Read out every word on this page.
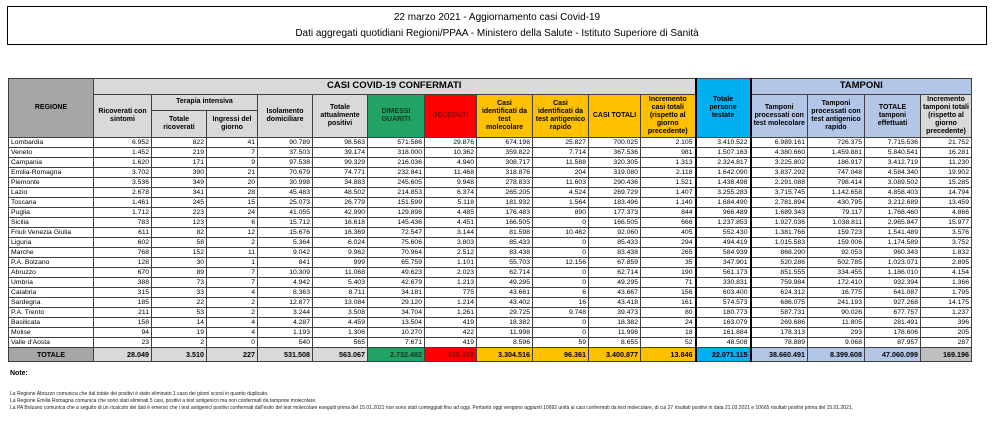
22 marzo 2021 - Aggiornamento casi Covid-19
Dati aggregati quotidiani Regioni/PPAA - Ministero della Salute - Istituto Superiore di Sanità
REGIONE	CASI COVID-19 CONFERMATI											Totale persone testate	TAMPONI			
	Ricoverati con sintomi	Terapia intensiva		Isolamento domiciliare	Totale attualmente positivi	DIMESSI GUARITI	DECEDUTI	Casi identificati da test molecolare	Casi identificati da test antigenico rapido	CASI TOTALI	Incremento casi totali (rispetto al giorno precedente)		Tamponi processati con test molecolare	Tamponi processati con test antigenico rapido	TOTALE tamponi effettuati	Incremento tamponi totali (rispetto al giorno precedente)
		Totale ricoverati	Ingressi del giorno													
Lombardia	6.952	822	41	90.789	98.563	571.586	29.876	674.198	25.827	700.025	2.105	3.410.522	6.989.161	726.375	7.715.536	21.752
Veneto	1.452	219	7	37.503	39.174	318.000	10.362	359.822	7.714	367.536	981	1.507.163	4.380.660	1.459.881	5.840.541	16.281
Campania	1.620	171	9	97.538	99.329	216.036	4.940	308.717	11.588	320.305	1.313	2.324.817	3.225.802	186.917	3.412.719	11.230
Emilia-Romagna	3.702	390	21	70.679	74.771	232.841	11.468	318.876	204	319.080	2.118	1.642.090	3.837.292	747.048	4.584.340	19.902
Piemonte	3.536	349	20	30.998	34.883	245.605	9.948	278.833	11.603	290.436	1.521	1.438.498	2.291.088	798.414	3.089.502	15.285
Lazio	2.678	341	28	45.483	48.502	214.853	6.374	265.205	4.524	269.729	1.407	3.255.283	3.715.745	1.142.658	4.858.403	14.794
Toscana	1.461	245	15	25.073	26.779	151.599	5.118	181.932	1.564	183.496	1.140	1.684.490	2.781.894	430.795	3.212.689	13.459
Puglia	1.712	223	24	41.055	42.990	129.898	4.485	176.483	890	177.373	844	966.489	1.689.343	79.117	1.768.460	4.866
Sicilia	783	123	6	15.712	16.618	145.436	4.451	166.505	0	166.505	666	1.237.853	1.927.036	1.038.811	2.965.847	15.977
Friuli Venezia Giulia	611	82	12	15.676	16.369	72.547	3.144	81.598	10.462	92.060	405	552.430	1.381.766	159.723	1.541.489	3.576
Liguria	602	58	2	5.364	6.024	75.606	3.803	85.433	0	85.433	294	494.419	1.015.583	159.006	1.174.589	3.752
Marche	768	152	11	9.042	9.962	70.964	2.512	83.438	0	83.438	265	584.939	868.290	92.053	960.343	1.832
P.A. Bolzano	128	30	1	841	999	65.759	1.101	55.703	12.156	67.859	35	347.901	520.286	502.785	1.023.071	2.895
Abruzzo	670	89	7	10.309	11.068	49.623	2.023	62.714	0	62.714	190	561.173	851.555	334.455	1.186.010	4.154
Umbria	388	73	7	4.942	5.403	42.679	1.213	49.295	0	49.295	71	330.831	759.984	172.410	932.394	1.366
Calabria	315	33	4	8.363	8.711	34.181	775	43.661	6	43.667	156	603.400	624.312	16.775	641.087	1.795
Sardegna	185	22	2	12.877	13.084	29.120	1.214	43.402	16	43.418	161	574.573	686.075	241.193	927.268	14.175
P.A. Trento	211	53	2	3.244	3.508	34.704	1.261	29.725	9.748	39.473	80	180.773	587.731	90.026	677.757	1.237
Basilicata	158	14	4	4.287	4.459	13.504	419	18.382	0	18.382	24	163.079	269.686	11.805	281.491	396
Molise	94	19	4	1.193	1.306	10.270	422	11.998	0	11.998	18	161.884	178.313	293	178.606	205
Valle d'Aosta	23	2	0	540	565	7.671	419	8.596	59	8.655	52	48.508	78.889	9.068	87.957	287
TOTALE	28.049	3.510	227	531.508	563.067	2.732.482	105.328	3.304.516	96.361	3.400.877	13.846	22.071.115	38.660.491	8.399.608	47.060.099	169.196
Note:
La Regione Abruzzo comunica che dal totale dei positivi è stato eliminato 1 caso dei giorni scorsi in quanto duplicato.
La Regione Emilia Romagna comunica che sono stati eliminati 5 casi, positivi a test antigenico ma non confermati da tampone molecolare.
La PA Bolzano comunica che a seguito di un ricalcolo dei dati è emerso che i test antigenici positivi confermati dall'esito del test molecolare eseguiti prima del 15.01.2021 non sono stati conteggiati fino ad oggi. Pertanto oggi vengono aggiunti 10692 unità ai casi confermati da test molecolare, di cui 27 risultati positivi in data 21.03.2021 e 10665 risultati positivi prima del 15.01.2021.
